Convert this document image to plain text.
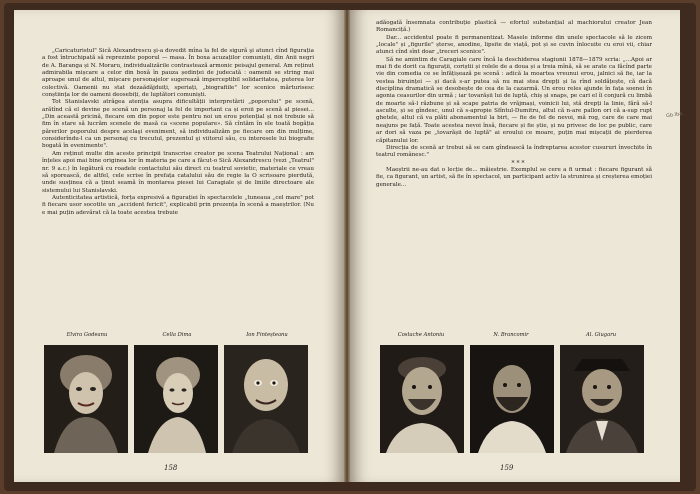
„Caricaturistul" Sică Alexandrescu şi-a dovedit mîna la fel de sigură şi atunci cînd figurația a fost întruchipată să reprezinte poporul — masa. În boxa acuzaților comuniști, din Anii negri de A. Baranga și N. Moraru, individualizările contrastează armonic peisajul general. Am reținut admirabila mișcare a celor din boxă în pauza ședinței de judecată : oamenii se string mai aproape unul de altul, mișcare personajelor sugerează imperceptibil solidaritatea, puterea lor colectivă. Oamenii nu stat dezaădăjduiți, speriați, „biografiile" lor scenice mărturisesc conștiința lor de oameni deosebiți, de luptători comuniști.

Tot Stanislavski atrăgea atenția asupra dificultății interpretării „poporului" pe scenă, arătînd că el devine pe scenă un personaj la fel de important ca și eroii pe scenă al piesei... „Din această pricină, fiecare om din popor este pentru noi un erou potențial și noi trebuie să fim în stare să lucrăm scenele de masă ca «scene populare». Să cîntăm în ele toată bogăția părerilor poporului despre acelaşi eveniment, să individualizăm pe fiecare om din mulțime, considerîndu-l ca un personaj cu trecutul, prezentul şi viitorul său, cu interesele lui biografie bogată în evenimente".

Am reținut multe din aceste principii transcrise creator pe scena Teatrului Național : am înțeles apoi mai bine originea lor în materia pe care a făcut-o Sică Alexandrescu (vezi „Teatrul" nr. 9 a.c.) în legătură cu roadele contactului său direct cu teatrul sovietic, materiale ce vreau să sporească, de altfel, cele scrise în prefața catalului său de regie la O scrisoare pierdută, unde susținea că a ținut seamă în montarea piesei lui Caragiale și de liniile directoare ale sistemului lui Stanislavski.

Autenticitatea artistică, forța expresivă a figurației în spectacolele „tuneaua „cel mare" pot fi fiecare usor socotite un „accident fericit", explicabil prin prezența în scenă a maeștrilor. (Nu e mai puțin adevărat că la toate acestea trebuie

Elvira Godeanu	Cella Dima	Ion Finteșteanu
158

adăogată însemnata contribuție plastică — efortul substanțial al machiorului creator Jean Romanciță.)

Dar... accidentul poate fi permanentizat. Masele informe din unele spectacole să le zicem „locale" și „figurile" șterse, anodine, lipsite de viață, pot și se cuvin înlocuite cu eroi vii, chiar atunci cînd sînt doar „treceri scenice".

Să ne amintim de Caragiale care încă la deschiderea stagiunii 1878—1879 scria: „...Apoi ar mai fi de dorit ca figurații, coriștii și rolele de a doua și a treia mînă, să se arate ca făcînd parte vie din comedia ce se înfățișează pe scenă : adică la moartea vreunui erou, jalnici să fie, iar la vestea biruinței — și dacă s-ar putea să nu mai stea drepți și la rînd soldățește, că dacă disciplina dramatică se desobește de cea de la cazarmă. Un erou reles ajunde în fața soenei în agonia ceasurilor din urmă ; iar tovarășii lui de luptă, chiș și snaps, pe cari el îi conjură cu limbă de moarte să-l răzbune și să scape patria de vrăjmași, voinicii lui, stă drepți la linie, fără să-l asculte, și se gîndesc, unul că s-apropie Sfîntul-Dumitru, altul că n-are pallon ori că a-sup rupt ghetele, altul că va plăti abonamentul la birt, — fie de fel de nevoi, mă rog, care de care mai neajuns pe față. Toate acestea nevoi însă, fiecare și fie știe, și nu privesc de loc pe public, care ar dori să vaza pe „tovarășii de luptă" ai eroului ce moare, puțin mai mișcații de pierderea căpitanului lor.

Direcția de scenă ar trebui să se cam gîndească la îndreptarea acestor cusururi învechite în teatrul românesc."

***

Maeștrii ne-au dat o lecție de... măiestrie. Exemplul se cere a fi urmat : fiecare figurant să fie, ca figurant, un artist, să fie în spectacol, un participant activ la strunirea și creșterea emoției generale...

Costache Antoniu	N. Brancomir	Al. Giugaru
159
Gb.Iba.
